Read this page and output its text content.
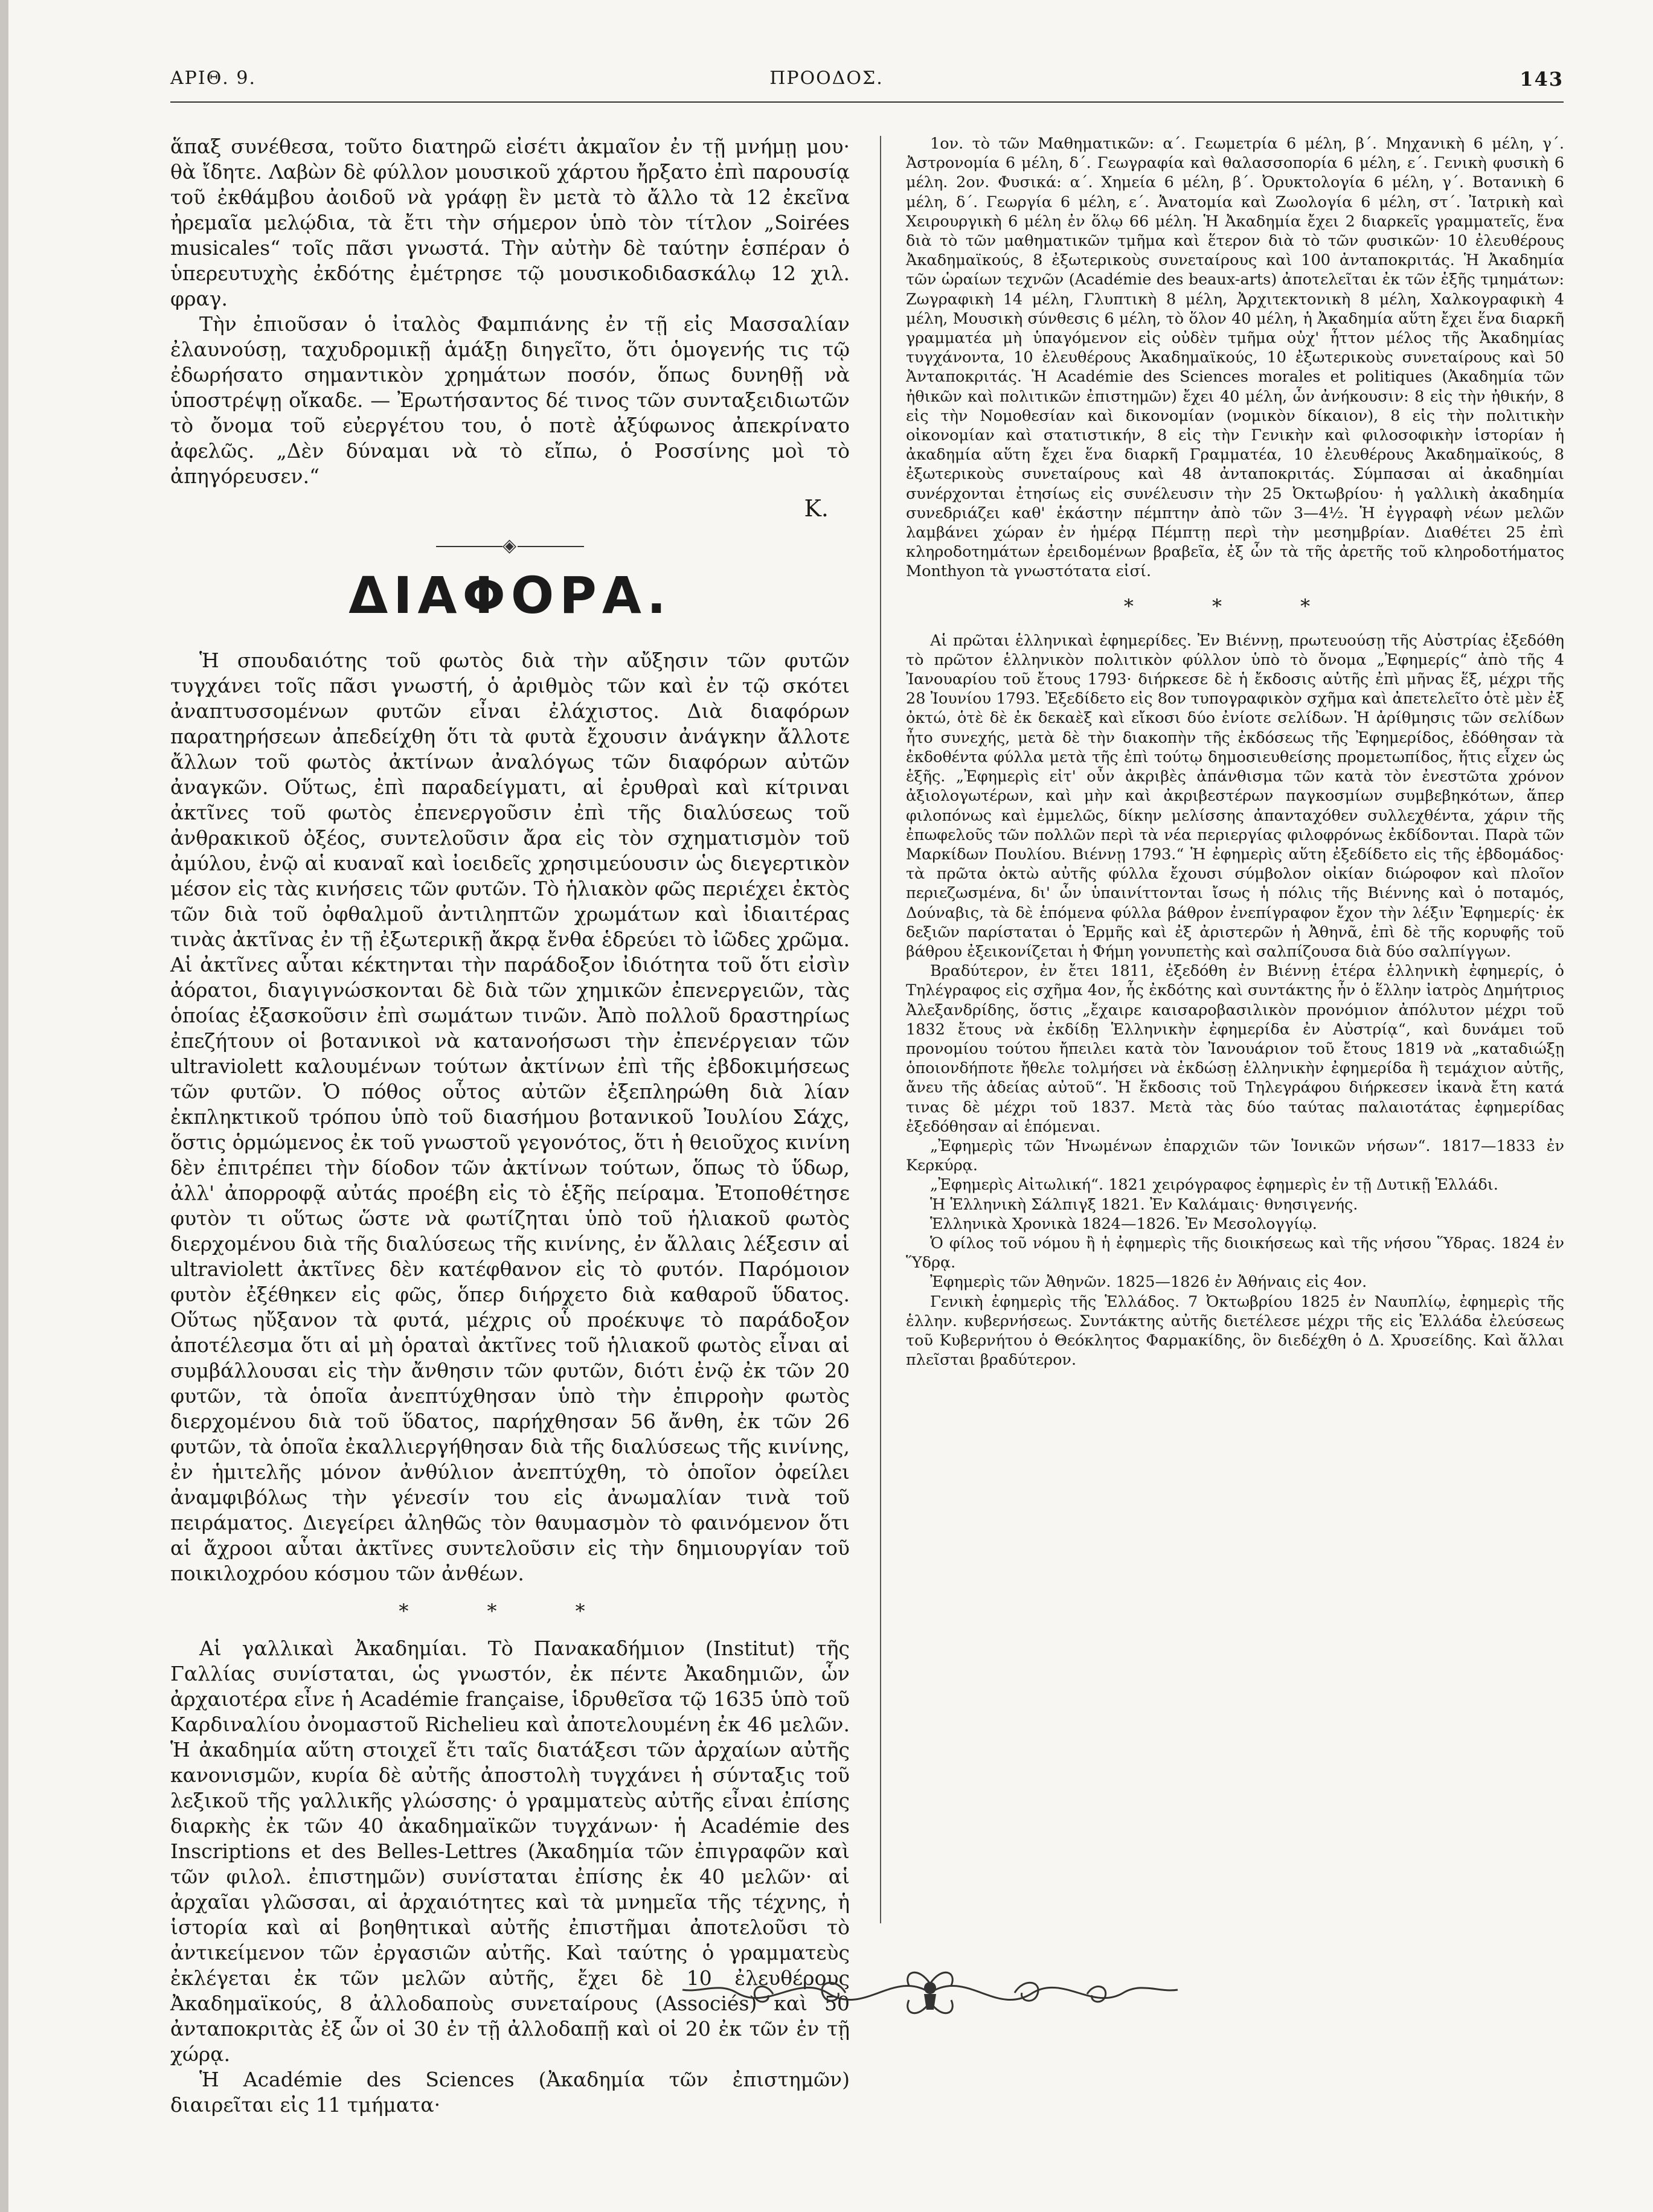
ΑΡΙΘ. 9.	ΠΡΟΟΔΟΣ.	143

ἅπαξ συνέθεσα, τοῦτο διατηρῶ εἰσέτι ἀκμαῖον ἐν τῇ μνήμῃ μου· θὰ ἴδητε. Λαβὼν δὲ φύλλον μουσικοῦ χάρτου ἤρξατο ἐπὶ παρουσίᾳ τοῦ ἐκθάμβου ἀοιδοῦ νὰ γράφῃ ἓν μετὰ τὸ ἄλλο τὰ 12 ἐκεῖνα ἠρεμαῖα μελῴδια, τὰ ἔτι τὴν σήμερον ὑπὸ τὸν τίτλον „Soirées musicales“ τοῖς πᾶσι γνωστά. Τὴν αὐτὴν δὲ ταύτην ἑσπέραν ὁ ὑπερευτυχὴς ἐκδότης ἐμέτρησε τῷ μουσικοδιδασκάλῳ 12 χιλ. φραγ.

Τὴν ἐπιοῦσαν ὁ ἰταλὸς Φαμπιάνης ἐν τῇ εἰς Μασσαλίαν ἐλαυνούσῃ, ταχυδρομικῇ ἁμάξῃ διηγεῖτο, ὅτι ὁμογενής τις τῷ ἐδωρήσατο σημαντικὸν χρημάτων ποσόν, ὅπως δυνηθῇ νὰ ὑποστρέψῃ οἴκαδε. — Ἐρωτήσαντος δέ τινος τῶν συνταξειδιωτῶν τὸ ὄνομα τοῦ εὐεργέτου του, ὁ ποτὲ ἀξύφωνος ἀπεκρίνατο ἀφελῶς. „Δὲν δύναμαι νὰ τὸ εἴπω, ὁ Ροσσίνης μοὶ τὸ ἀπηγόρευσεν.“

Κ.
◈
ΔΙΑΦΟΡΑ.

Ἡ σπουδαιότης τοῦ φωτὸς διὰ τὴν αὔξησιν τῶν φυτῶν τυγχάνει τοῖς πᾶσι γνωστή, ὁ ἀριθμὸς τῶν καὶ ἐν τῷ σκότει ἀναπτυσσομένων φυτῶν εἶναι ἐλάχιστος. Διὰ διαφόρων παρατηρήσεων ἀπεδείχθη ὅτι τὰ φυτὰ ἔχουσιν ἀνάγκην ἄλλοτε ἄλλων τοῦ φωτὸς ἀκτίνων ἀναλόγως τῶν διαφόρων αὐτῶν ἀναγκῶν. Οὕτως, ἐπὶ παραδείγματι, αἱ ἐρυθραὶ καὶ κίτριναι ἀκτῖνες τοῦ φωτὸς ἐπενεργοῦσιν ἐπὶ τῆς διαλύσεως τοῦ ἀνθρακικοῦ ὀξέος, συντελοῦσιν ἄρα εἰς τὸν σχηματισμὸν τοῦ ἀμύλου, ἐνῷ αἱ κυαναῖ καὶ ἰοειδεῖς χρησιμεύουσιν ὡς διεγερτικὸν μέσον εἰς τὰς κινήσεις τῶν φυτῶν. Τὸ ἡλιακὸν φῶς περιέχει ἐκτὸς τῶν διὰ τοῦ ὀφθαλμοῦ ἀντιληπτῶν χρωμάτων καὶ ἰδιαιτέρας τινὰς ἀκτῖνας ἐν τῇ ἐξωτερικῇ ἄκρᾳ ἔνθα ἑδρεύει τὸ ἰῶδες χρῶμα. Αἱ ἀκτῖνες αὗται κέκτηνται τὴν παράδοξον ἰδιότητα τοῦ ὅτι εἰσὶν ἀόρατοι, διαγιγνώσκονται δὲ διὰ τῶν χημικῶν ἐπενεργειῶν, τὰς ὁποίας ἐξασκοῦσιν ἐπὶ σωμάτων τινῶν. Ἀπὸ πολλοῦ δραστηρίως ἐπεζήτουν οἱ βοτανικοὶ νὰ κατανοήσωσι τὴν ἐπενέργειαν τῶν ultraviolett καλουμένων τούτων ἀκτίνων ἐπὶ τῆς ἐβδοκιμήσεως τῶν φυτῶν. Ὁ πόθος οὗτος αὐτῶν ἐξεπληρώθη διὰ λίαν ἐκπληκτικοῦ τρόπου ὑπὸ τοῦ διασήμου βοτανικοῦ Ἰουλίου Σάχς, ὅστις ὁρμώμενος ἐκ τοῦ γνωστοῦ γεγονότος, ὅτι ἡ θειοῦχος κινίνη δὲν ἐπιτρέπει τὴν δίοδον τῶν ἀκτίνων τούτων, ὅπως τὸ ὕδωρ, ἀλλ' ἀπορροφᾷ αὐτάς προέβη εἰς τὸ ἑξῆς πείραμα. Ἐτοποθέτησε φυτὸν τι οὕτως ὥστε νὰ φωτίζηται ὑπὸ τοῦ ἡλιακοῦ φωτὸς διερχομένου διὰ τῆς διαλύσεως τῆς κινίνης, ἐν ἄλλαις λέξεσιν αἱ ultraviolett ἀκτῖνες δὲν κατέφθανον εἰς τὸ φυτόν. Παρόμοιον φυτὸν ἐξέθηκεν εἰς φῶς, ὅπερ διήρχετο διὰ καθαροῦ ὕδατος. Οὕτως ηὔξανον τὰ φυτά, μέχρις οὗ προέκυψε τὸ παράδοξον ἀποτέλεσμα ὅτι αἱ μὴ ὁραταὶ ἀκτῖνες τοῦ ἡλιακοῦ φωτὸς εἶναι αἱ συμβάλλουσαι εἰς τὴν ἄνθησιν τῶν φυτῶν, διότι ἐνῷ ἐκ τῶν 20 φυτῶν, τὰ ὁποῖα ἀνεπτύχθησαν ὑπὸ τὴν ἐπιρροὴν φωτὸς διερχομένου διὰ τοῦ ὕδατος, παρήχθησαν 56 ἄνθη, ἐκ τῶν 26 φυτῶν, τὰ ὁποῖα ἐκαλλιεργήθησαν διὰ τῆς διαλύσεως τῆς κινίνης, ἐν ἡμιτελῆς μόνον ἀνθύλιον ἀνεπτύχθη, τὸ ὁποῖον ὀφείλει ἀναμφιβόλως τὴν γένεσίν του εἰς ἀνωμαλίαν τινὰ τοῦ πειράματος. Διεγείρει ἀληθῶς τὸν θαυμασμὸν τὸ φαινόμενον ὅτι αἱ ἄχροοι αὗται ἀκτῖνες συντελοῦσιν εἰς τὴν δημιουργίαν τοῦ ποικιλοχρόου κόσμου τῶν ἀνθέων.

* * *

Αἱ γαλλικαὶ Ἀκαδημίαι. Τὸ Πανακαδήμιον (Institut) τῆς Γαλλίας συνίσταται, ὡς γνωστόν, ἐκ πέντε Ἀκαδημιῶν, ὧν ἀρχαιοτέρα εἶνε ἡ Académie française, ἱδρυθεῖσα τῷ 1635 ὑπὸ τοῦ Καρδιναλίου ὀνομαστοῦ Richelieu καὶ ἀποτελουμένη ἐκ 46 μελῶν. Ἡ ἀκαδημία αὕτη στοιχεῖ ἔτι ταῖς διατάξεσι τῶν ἀρχαίων αὐτῆς κανονισμῶν, κυρία δὲ αὐτῆς ἀποστολὴ τυγχάνει ἡ σύνταξις τοῦ λεξικοῦ τῆς γαλλικῆς γλώσσης· ὁ γραμματεὺς αὐτῆς εἶναι ἐπίσης διαρκὴς ἐκ τῶν 40 ἀκαδημαϊκῶν τυγχάνων· ἡ Académie des Inscriptions et des Belles-Lettres (Ἀκαδημία τῶν ἐπιγραφῶν καὶ τῶν φιλολ. ἐπιστημῶν) συνίσταται ἐπίσης ἐκ 40 μελῶν· αἱ ἀρχαῖαι γλῶσσαι, αἱ ἀρχαιότητες καὶ τὰ μνημεῖα τῆς τέχνης, ἡ ἱστορία καὶ αἱ βοηθητικαὶ αὐτῆς ἐπιστῆμαι ἀποτελοῦσι τὸ ἀντικείμενον τῶν ἐργασιῶν αὐτῆς. Καὶ ταύτης ὁ γραμματεὺς ἐκλέγεται ἐκ τῶν μελῶν αὐτῆς, ἔχει δὲ 10 ἐλευθέρους Ἀκαδημαϊκούς, 8 ἀλλοδαποὺς συνεταίρους (Associés) καὶ 50 ἀνταποκριτὰς ἐξ ὧν οἱ 30 ἐν τῇ ἀλλοδαπῇ καὶ οἱ 20 ἐκ τῶν ἐν τῇ χώρᾳ.

Ἡ Académie des Sciences (Ἀκαδημία τῶν ἐπιστημῶν) διαιρεῖται εἰς 11 τμήματα·

1ον. τὸ τῶν Μαθηματικῶν: α΄. Γεωμετρία 6 μέλη, β΄. Μηχανικὴ 6 μέλη, γ΄. Ἀστρονομία 6 μέλη, δ΄. Γεωγραφία καὶ θαλασσοπορία 6 μέλη, ε΄. Γενικὴ φυσικὴ 6 μέλη. 2ον. Φυσικά: α΄. Χημεία 6 μέλη, β΄. Ὀρυκτολογία 6 μέλη, γ΄. Βοτανικὴ 6 μέλη, δ΄. Γεωργία 6 μέλη, ε΄. Ἀνατομία καὶ Ζωολογία 6 μέλη, στ΄. Ἰατρικὴ καὶ Χειρουργικὴ 6 μέλη ἐν ὅλῳ 66 μέλη. Ἡ Ἀκαδημία ἔχει 2 διαρκεῖς γραμματεῖς, ἕνα διὰ τὸ τῶν μαθηματικῶν τμῆμα καὶ ἕτερον διὰ τὸ τῶν φυσικῶν· 10 ἐλευθέρους Ἀκαδημαϊκούς, 8 ἐξωτερικοὺς συνεταίρους καὶ 100 ἀνταποκριτάς. Ἡ Ἀκαδημία τῶν ὡραίων τεχνῶν (Académie des beaux-arts) ἀποτελεῖται ἐκ τῶν ἑξῆς τμημάτων: Ζωγραφικὴ 14 μέλη, Γλυπτικὴ 8 μέλη, Ἀρχιτεκτονικὴ 8 μέλη, Χαλκογραφικὴ 4 μέλη, Μουσικὴ σύνθεσις 6 μέλη, τὸ ὅλον 40 μέλη, ἡ Ἀκαδημία αὕτη ἔχει ἕνα διαρκῆ γραμματέα μὴ ὑπαγόμενον εἰς οὐδὲν τμῆμα οὐχ' ἧττον μέλος τῆς Ἀκαδημίας τυγχάνοντα, 10 ἐλευθέρους Ἀκαδημαϊκούς, 10 ἐξωτερικοὺς συνεταίρους καὶ 50 Ἀνταποκριτάς. Ἡ Académie des Sciences morales et politiques (Ἀκαδημία τῶν ἠθικῶν καὶ πολιτικῶν ἐπιστημῶν) ἔχει 40 μέλη, ὧν ἀνήκουσιν: 8 εἰς τὴν ἠθικήν, 8 εἰς τὴν Νομοθεσίαν καὶ δικονομίαν (νομικὸν δίκαιον), 8 εἰς τὴν πολιτικὴν οἰκονομίαν καὶ στατιστικήν, 8 εἰς τὴν Γενικὴν καὶ φιλοσοφικὴν ἱστορίαν ἡ ἀκαδημία αὕτη ἔχει ἕνα διαρκῆ Γραμματέα, 10 ἐλευθέρους Ἀκαδημαϊκούς, 8 ἐξωτερικοὺς συνεταίρους καὶ 48 ἀνταποκριτάς. Σύμπασαι αἱ ἀκαδημίαι συνέρχονται ἐτησίως εἰς συνέλευσιν τὴν 25 Ὀκτωβρίου· ἡ γαλλικὴ ἀκαδημία συνεδριάζει καθ' ἑκάστην πέμπτην ἀπὸ τῶν 3—4½. Ἡ ἐγγραφὴ νέων μελῶν λαμβάνει χώραν ἐν ἡμέρᾳ Πέμπτῃ περὶ τὴν μεσημβρίαν. Διαθέτει 25 ἐπὶ κληροδοτημάτων ἐρειδομένων βραβεῖα, ἐξ ὧν τὰ τῆς ἀρετῆς τοῦ κληροδοτήματος Monthyon τὰ γνωστότατα εἰσί.

* * *

Αἱ πρῶται ἑλληνικαὶ ἐφημερίδες. Ἐν Βιέννῃ, πρωτευούσῃ τῆς Αὐστρίας ἐξεδόθη τὸ πρῶτον ἑλληνικὸν πολιτικὸν φύλλον ὑπὸ τὸ ὄνομα „Ἐφημερίς“ ἀπὸ τῆς 4 Ἰανουαρίου τοῦ ἔτους 1793· διήρκεσε δὲ ἡ ἔκδοσις αὐτῆς ἐπὶ μῆνας ἕξ, μέχρι τῆς 28 Ἰουνίου 1793. Ἐξεδίδετο εἰς 8ον τυπογραφικὸν σχῆμα καὶ ἀπετελεῖτο ὁτὲ μὲν ἐξ ὀκτώ, ὁτὲ δὲ ἐκ δεκαὲξ καὶ εἴκοσι δύο ἐνίοτε σελίδων. Ἡ ἀρίθμησις τῶν σελίδων ἦτο συνεχής, μετὰ δὲ τὴν διακοπὴν τῆς ἐκδόσεως τῆς Ἐφημερίδος, ἐδόθησαν τὰ ἐκδοθέντα φύλλα μετὰ τῆς ἐπὶ τούτῳ δημοσιευθείσης προμετωπίδος, ἥτις εἶχεν ὡς ἑξῆς. „Ἐφημερὶς εἰτ' οὖν ἀκριβὲς ἀπάνθισμα τῶν κατὰ τὸν ἐνεστῶτα χρόνον ἀξιολογωτέρων, καὶ μὴν καὶ ἀκριβεστέρων παγκοσμίων συμβεβηκότων, ἅπερ φιλοπόνως καὶ ἐμμελῶς, δίκην μελίσσης ἀπανταχόθεν συλλεχθέντα, χάριν τῆς ἐπωφελοῦς τῶν πολλῶν περὶ τὰ νέα περιεργίας φιλοφρόνως ἐκδίδονται. Παρὰ τῶν Μαρκίδων Πουλίου. Βιέννῃ 1793.“ Ἡ ἐφημερὶς αὕτη ἐξεδίδετο εἰς τῆς ἑβδομάδος· τὰ πρῶτα ὀκτὼ αὐτῆς φύλλα ἔχουσι σύμβολον οἰκίαν διώροφον καὶ πλοῖον περιεζωσμένα, δι' ὧν ὑπαινίττονται ἴσως ἡ πόλις τῆς Βιέννης καὶ ὁ ποταμός, Δούναβις, τὰ δὲ ἑπόμενα φύλλα βάθρον ἐνεπίγραφον ἔχον τὴν λέξιν Ἐφημερίς· ἐκ δεξιῶν παρίσταται ὁ Ἑρμῆς καὶ ἐξ ἀριστερῶν ἡ Ἀθηνᾶ, ἐπὶ δὲ τῆς κορυφῆς τοῦ βάθρου ἐξεικονίζεται ἡ Φήμη γονυπετὴς καὶ σαλπίζουσα διὰ δύο σαλπίγγων.

Βραδύτερον, ἐν ἔτει 1811, ἐξεδόθη ἐν Βιέννῃ ἑτέρα ἑλληνικὴ ἐφημερίς, ὁ Τηλέγραφος εἰς σχῆμα 4ον, ἧς ἐκδότης καὶ συντάκτης ἦν ὁ ἕλλην ἰατρὸς Δημήτριος Ἀλεξανδρίδης, ὅστις „ἔχαιρε καισαροβασιλικὸν προνόμιον ἀπόλυτον μέχρι τοῦ 1832 ἔτους νὰ ἐκδίδῃ Ἑλληνικὴν ἐφημερίδα ἐν Αὐστρίᾳ“, καὶ δυνάμει τοῦ προνομίου τούτου ἤπειλει κατὰ τὸν Ἰανουάριον τοῦ ἔτους 1819 νὰ „καταδιώξῃ ὁποιονδήποτε ἤθελε τολμήσει νὰ ἐκδώσῃ ἑλληνικὴν ἐφημερίδα ἢ τεμάχιον αὐτῆς, ἄνευ τῆς ἀδείας αὐτοῦ“. Ἡ ἔκδοσις τοῦ Τηλεγράφου διήρκεσεν ἱκανὰ ἔτη κατά τινας δὲ μέχρι τοῦ 1837. Μετὰ τὰς δύο ταύτας παλαιοτάτας ἐφημερίδας ἐξεδόθησαν αἱ ἑπόμεναι.

„Ἐφημερὶς τῶν Ἡνωμένων ἐπαρχιῶν τῶν Ἰονικῶν νήσων“. 1817—1833 ἐν Κερκύρᾳ.

„Ἐφημερὶς Αἰτωλική“. 1821 χειρόγραφος ἐφημερὶς ἐν τῇ Δυτικῇ Ἑλλάδι.

Ἡ Ἑλληνικὴ Σάλπιγξ 1821. Ἐν Καλάμαις· θνησιγενής.

Ἑλληνικὰ Χρονικὰ 1824—1826. Ἐν Μεσολογγίῳ.

Ὁ φίλος τοῦ νόμου ἢ ἡ ἐφημερὶς τῆς διοικήσεως καὶ τῆς νήσου Ὕδρας. 1824 ἐν Ὕδρᾳ.

Ἐφημερὶς τῶν Ἀθηνῶν. 1825—1826 ἐν Ἀθήναις εἰς 4ον.

Γενικὴ ἐφημερὶς τῆς Ἑλλάδος. 7 Ὀκτωβρίου 1825 ἐν Ναυπλίῳ, ἐφημερὶς τῆς ἑλλην. κυβερνήσεως. Συντάκτης αὐτῆς διετέλεσε μέχρι τῆς εἰς Ἑλλάδα ἐλεύσεως τοῦ Κυβερνήτου ὁ Θεόκλητος Φαρμακίδης, ὃν διεδέχθη ὁ Δ. Χρυσείδης. Καὶ ἄλλαι πλεῖσται βραδύτερον.
